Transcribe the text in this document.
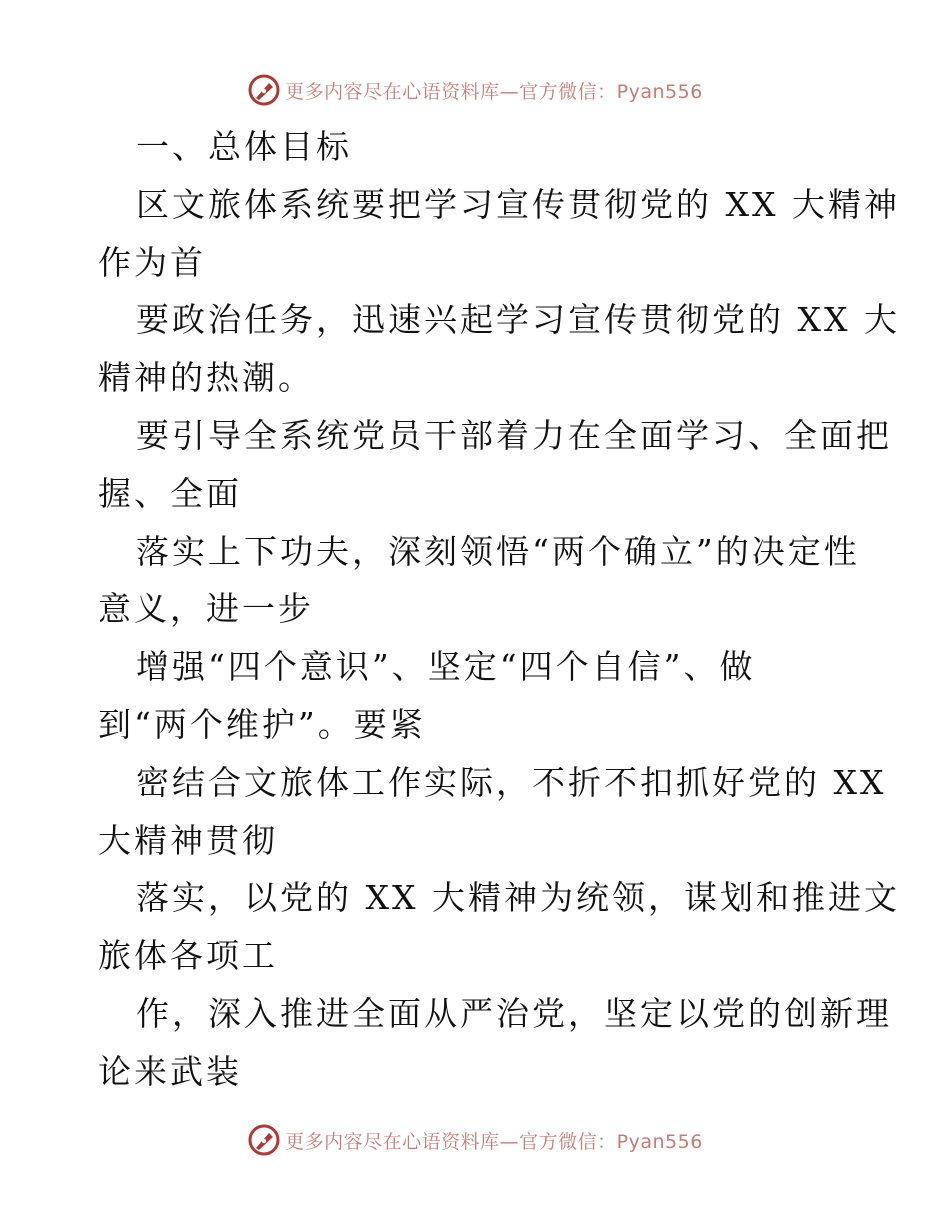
更多内容尽在心语资料库—官方微信：Pyan556
一、总体目标
区文旅体系统要把学习宣传贯彻党的 XX 大精神
作为首
要政治任务，迅速兴起学习宣传贯彻党的 XX 大
精神的热潮。
要引导全系统党员干部着力在全面学习、全面把
握、全面
落实上下功夫，深刻领悟“两个确立”的决定性
意义，进一步
增强“四个意识”、坚定“四个自信”、做
到“两个维护”。要紧
密结合文旅体工作实际，不折不扣抓好党的 XX
大精神贯彻
落实，以党的 XX 大精神为统领，谋划和推进文
旅体各项工
作，深入推进全面从严治党，坚定以党的创新理
论来武装
更多内容尽在心语资料库—官方微信：Pyan556
